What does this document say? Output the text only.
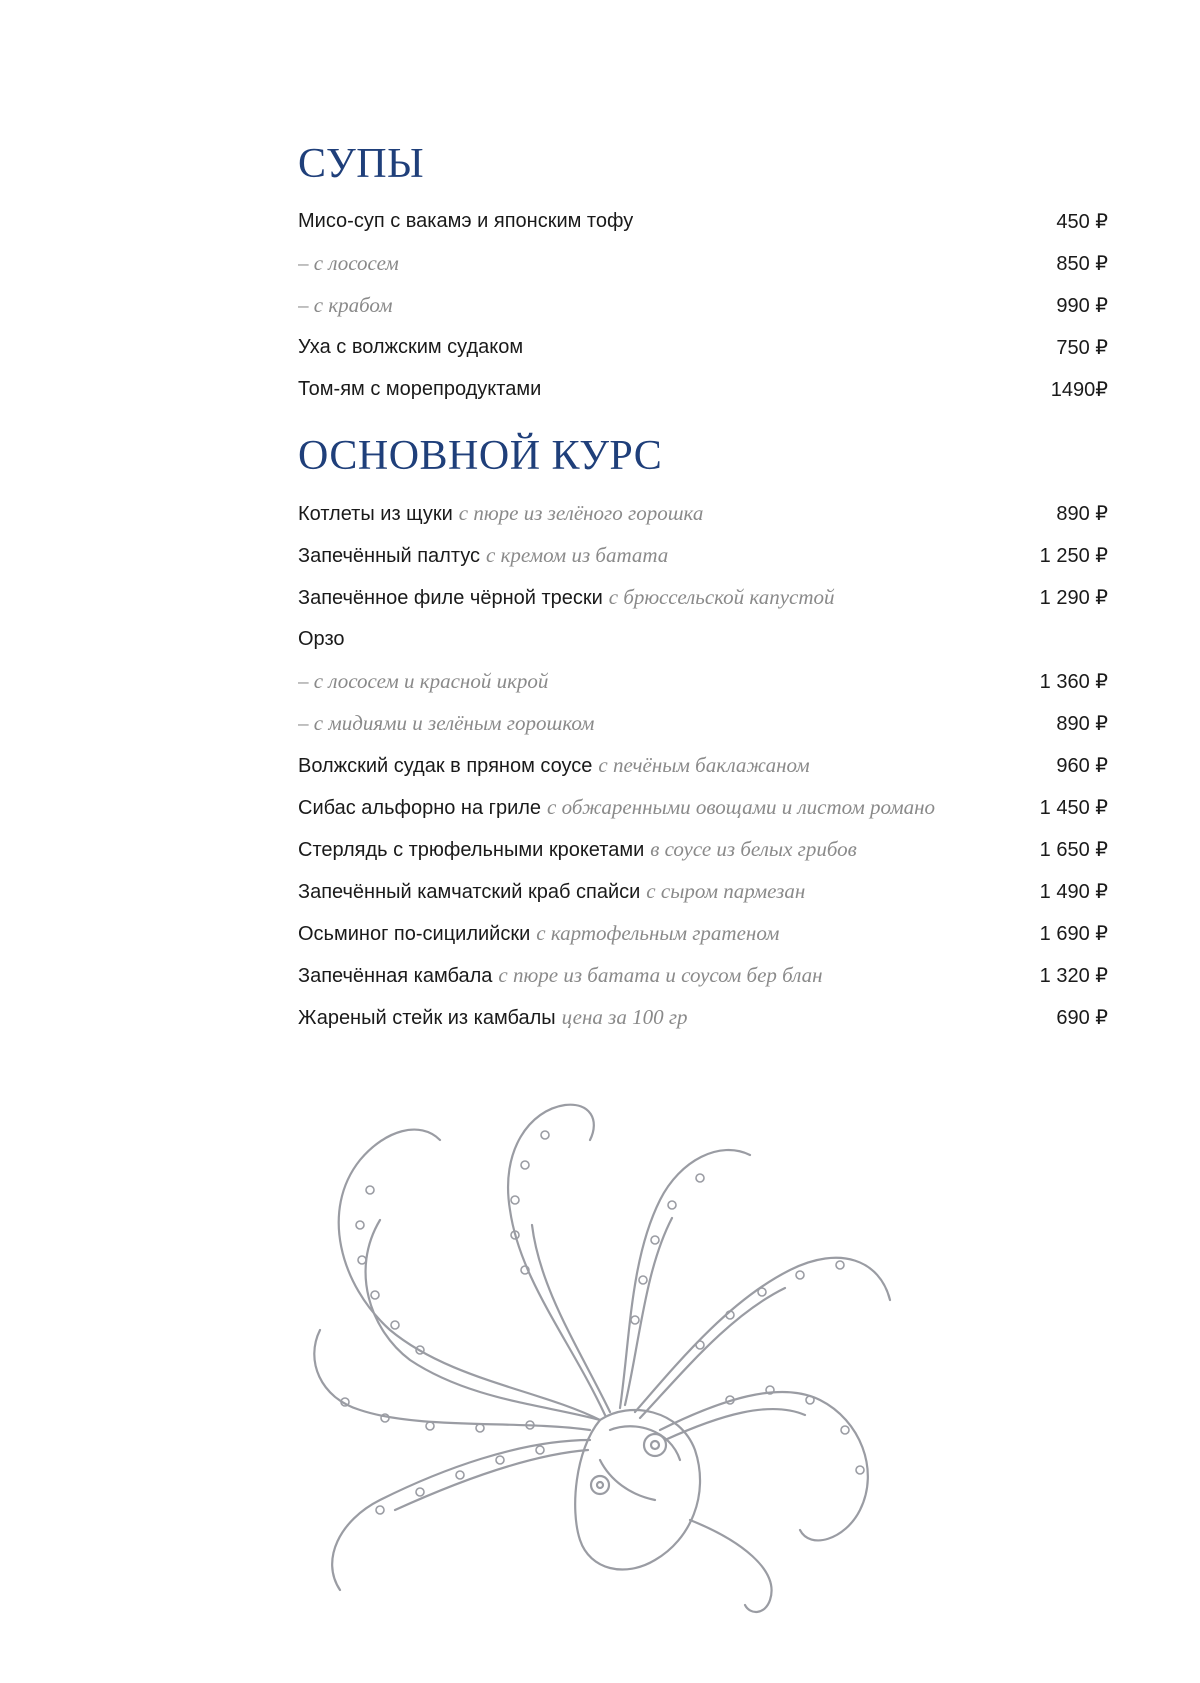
СУПЫ
Мисо-суп с вакамэ и японским тофу	450 ₽
– с лососем	850 ₽
– с крабом	990 ₽
Уха с волжским судаком	750 ₽
Том-ям с морепродуктами	1490₽
ОСНОВНОЙ КУРС
Котлеты из щуки с пюре из зелёного горошка	890 ₽
Запечённый палтус с кремом из батата	1 250 ₽
Запечённое филе чёрной трески с брюссельской капустой	1 290 ₽
Орзо
– с лососем и красной икрой	1 360 ₽
– с мидиями и зелёным горошком	890 ₽
Волжский судак в пряном соусе с печёным баклажаном	960 ₽
Сибас альфорно на гриле с обжаренными овощами и листом романо	1 450 ₽
Стерлядь с трюфельными крокетами в соусе из белых грибов	1 650 ₽
Запечённый камчатский краб спайси с сыром пармезан	1 490 ₽
Осьминог по-сицилийски с картофельным гратеном	1 690 ₽
Запечённая камбала с пюре из батата и соусом бер блан	1 320 ₽
Жареный стейк из камбалы цена за 100 гр	690 ₽
